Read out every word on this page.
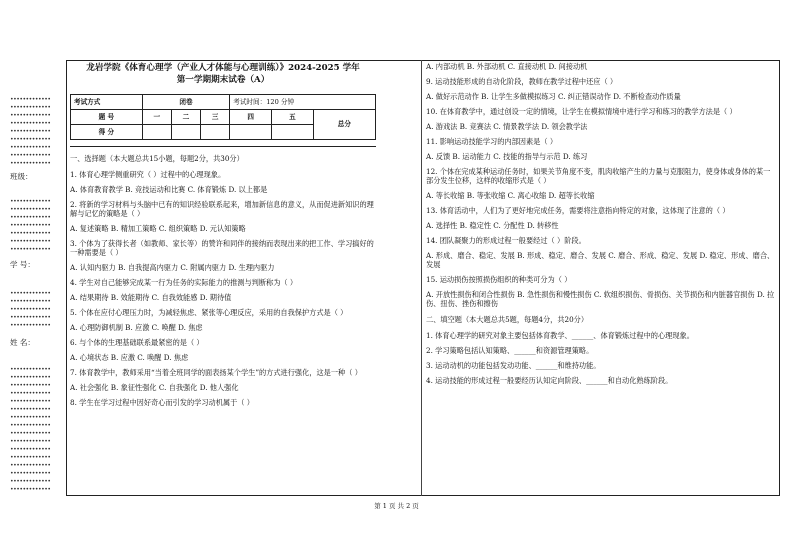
•••••••••••••
•••••••••••••
•••••••••••••
•••••••••••••
•••••••••••••
•••••••••••••
•••••••••••••
•••••••••••••
•••••••••••••
班级：
•••••••••••••
•••••••••••••
•••••••••••••
•••••••••••••
•••••••••••••
•••••••••••••
•••••••••••••
学 号：
•••••••••••••
•••••••••••••
•••••••••••••
•••••••••••••
•••••••••••••
姓 名：
•••••••••••••
•••••••••••••
•••••••••••••
•••••••••••••
•••••••••••••
•••••••••••••
•••••••••••••
•••••••••••••
•••••••••••••
•••••••••••••
•••••••••••••
•••••••••••••
•••••••••••••
•••••••••••••
•••••••••••••
•••••••••••••

龙岩学院《体育心理学（产业人才体能与心理训练）》2024-2025 学年

第一学期期末试卷（A）

考试方式	闭卷			考试时间：120 分钟		
题 号	一	二	三	四	五	总分
得 分						

一、选择题（本大题总共15小题，每题2分，共30分）

1. 体育心理学侧重研究（ ）过程中的心理现象。

A. 体育教育教学 B. 竞技运动和比赛 C. 体育锻炼 D. 以上都是

2. 将新的学习材料与头脑中已有的知识经验联系起来，增加新信息的意义，从而促进新知识的理解与记忆的策略是（ ）

A. 复述策略 B. 精加工策略 C. 组织策略 D. 元认知策略

3. 个体为了获得长者（如教师、家长等）的赞许和同伴的接纳而表现出来的把工作、学习搞好的一种需要是（ ）

A. 认知内驱力 B. 自我提高内驱力 C. 附属内驱力 D. 生理内驱力

4. 学生对自己能够完成某一行为任务的实际能力的推测与判断称为（ ）

A. 结果期待 B. 效能期待 C. 自我效能感 D. 期待值

5. 个体在应付心理压力时，为减轻焦虑、紧张等心理反应，采用的自我保护方式是（ ）

A. 心理防御机制 B. 应激 C. 唤醒 D. 焦虑

6. 与个体的生理基础联系最紧密的是（ ）

A. 心境状态 B. 应激 C. 唤醒 D. 焦虑

7. 体育教学中，教师采用“当着全班同学的面表扬某个学生”的方式进行强化，这是一种（ ）

A. 社会强化 B. 象征性强化 C. 自我强化 D. 他人强化

8. 学生在学习过程中因好奇心而引发的学习动机属于（ ）

A. 内部动机 B. 外部动机 C. 直接动机 D. 间接动机

9. 运动技能形成的自动化阶段，教师在教学过程中还应（ ）

A. 做好示范动作 B. 让学生多做模拟练习 C. 纠正错误动作 D. 不断检查动作质量

10. 在体育教学中，通过创设一定的情境，让学生在模拟情境中进行学习和练习的教学方法是（ ）

A. 游戏法 B. 竞赛法 C. 情景教学法 D. 领会教学法

11. 影响运动技能学习的内部因素是（ ）

A. 反馈 B. 运动能力 C. 技能的指导与示范 D. 练习

12. 个体在完成某种运动任务时，如果关节角度不变，肌肉收缩产生的力量与克服阻力，使身体或身体的某一部分发生位移，这样的收缩形式是（ ）

A. 等长收缩 B. 等张收缩 C. 离心收缩 D. 超等长收缩

13. 体育活动中，人们为了更好地完成任务，需要将注意指向特定的对象，这体现了注意的（ ）

A. 选择性 B. 稳定性 C. 分配性 D. 转移性

14. 团队凝聚力的形成过程一般要经过（ ）阶段。

A. 形成、磨合、稳定、发展 B. 形成、稳定、磨合、发展 C. 磨合、形成、稳定、发展 D. 稳定、形成、磨合、发展

15. 运动损伤按照损伤组织的种类可分为（ ）

A. 开放性损伤和闭合性损伤 B. 急性损伤和慢性损伤 C. 软组织损伤、骨损伤、关节损伤和内脏器官损伤 D. 拉伤、扭伤、挫伤和擦伤

二、填空题（本大题总共5题，每题4分，共20分）

1. 体育心理学的研究对象主要包括体育教学、______、体育锻炼过程中的心理现象。

2. 学习策略包括认知策略、______和资源管理策略。

3. 运动动机的功能包括发动功能、______和维持功能。

4. 运动技能的形成过程一般要经历认知定向阶段、______和自动化熟练阶段。

第 1 页 共 2 页
